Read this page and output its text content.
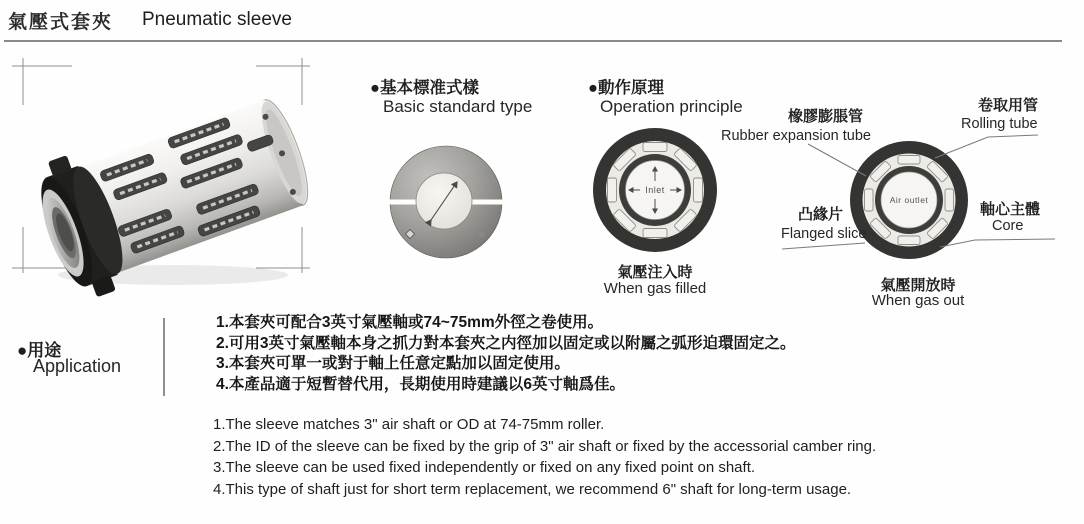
氣壓式套夾 Pneumatic sleeve
●基本標准式樣
Basic standard type
●動作原理
Operation principle
Inlet
Air outlet
橡膠膨脹管
Rubber expansion tube
卷取用管
Rolling tube
凸緣片
Flanged slice
軸心主體
Core
氣壓注入時
When gas filled	氣壓開放時
When gas out
●用途
Application
1.本套夾可配合3英寸氣壓軸或74~75mm外徑之卷使用。
2.可用3英寸氣壓軸本身之抓力對本套夾之内徑加以固定或以附屬之弧形迫環固定之。
3.本套夾可單一或對于軸上任意定點加以固定使用。
4.本產品適于短暫替代用，長期使用時建議以6英寸軸爲佳。
1.The sleeve matches 3" air shaft or OD at 74-75mm roller.
2.The ID of the sleeve can be fixed by the grip of 3" air shaft or fixed by the accessorial camber ring.
3.The sleeve can be used fixed independently or fixed on any fixed point on shaft.
4.This type of shaft just for short term replacement, we recommend 6" shaft for long-term usage.
